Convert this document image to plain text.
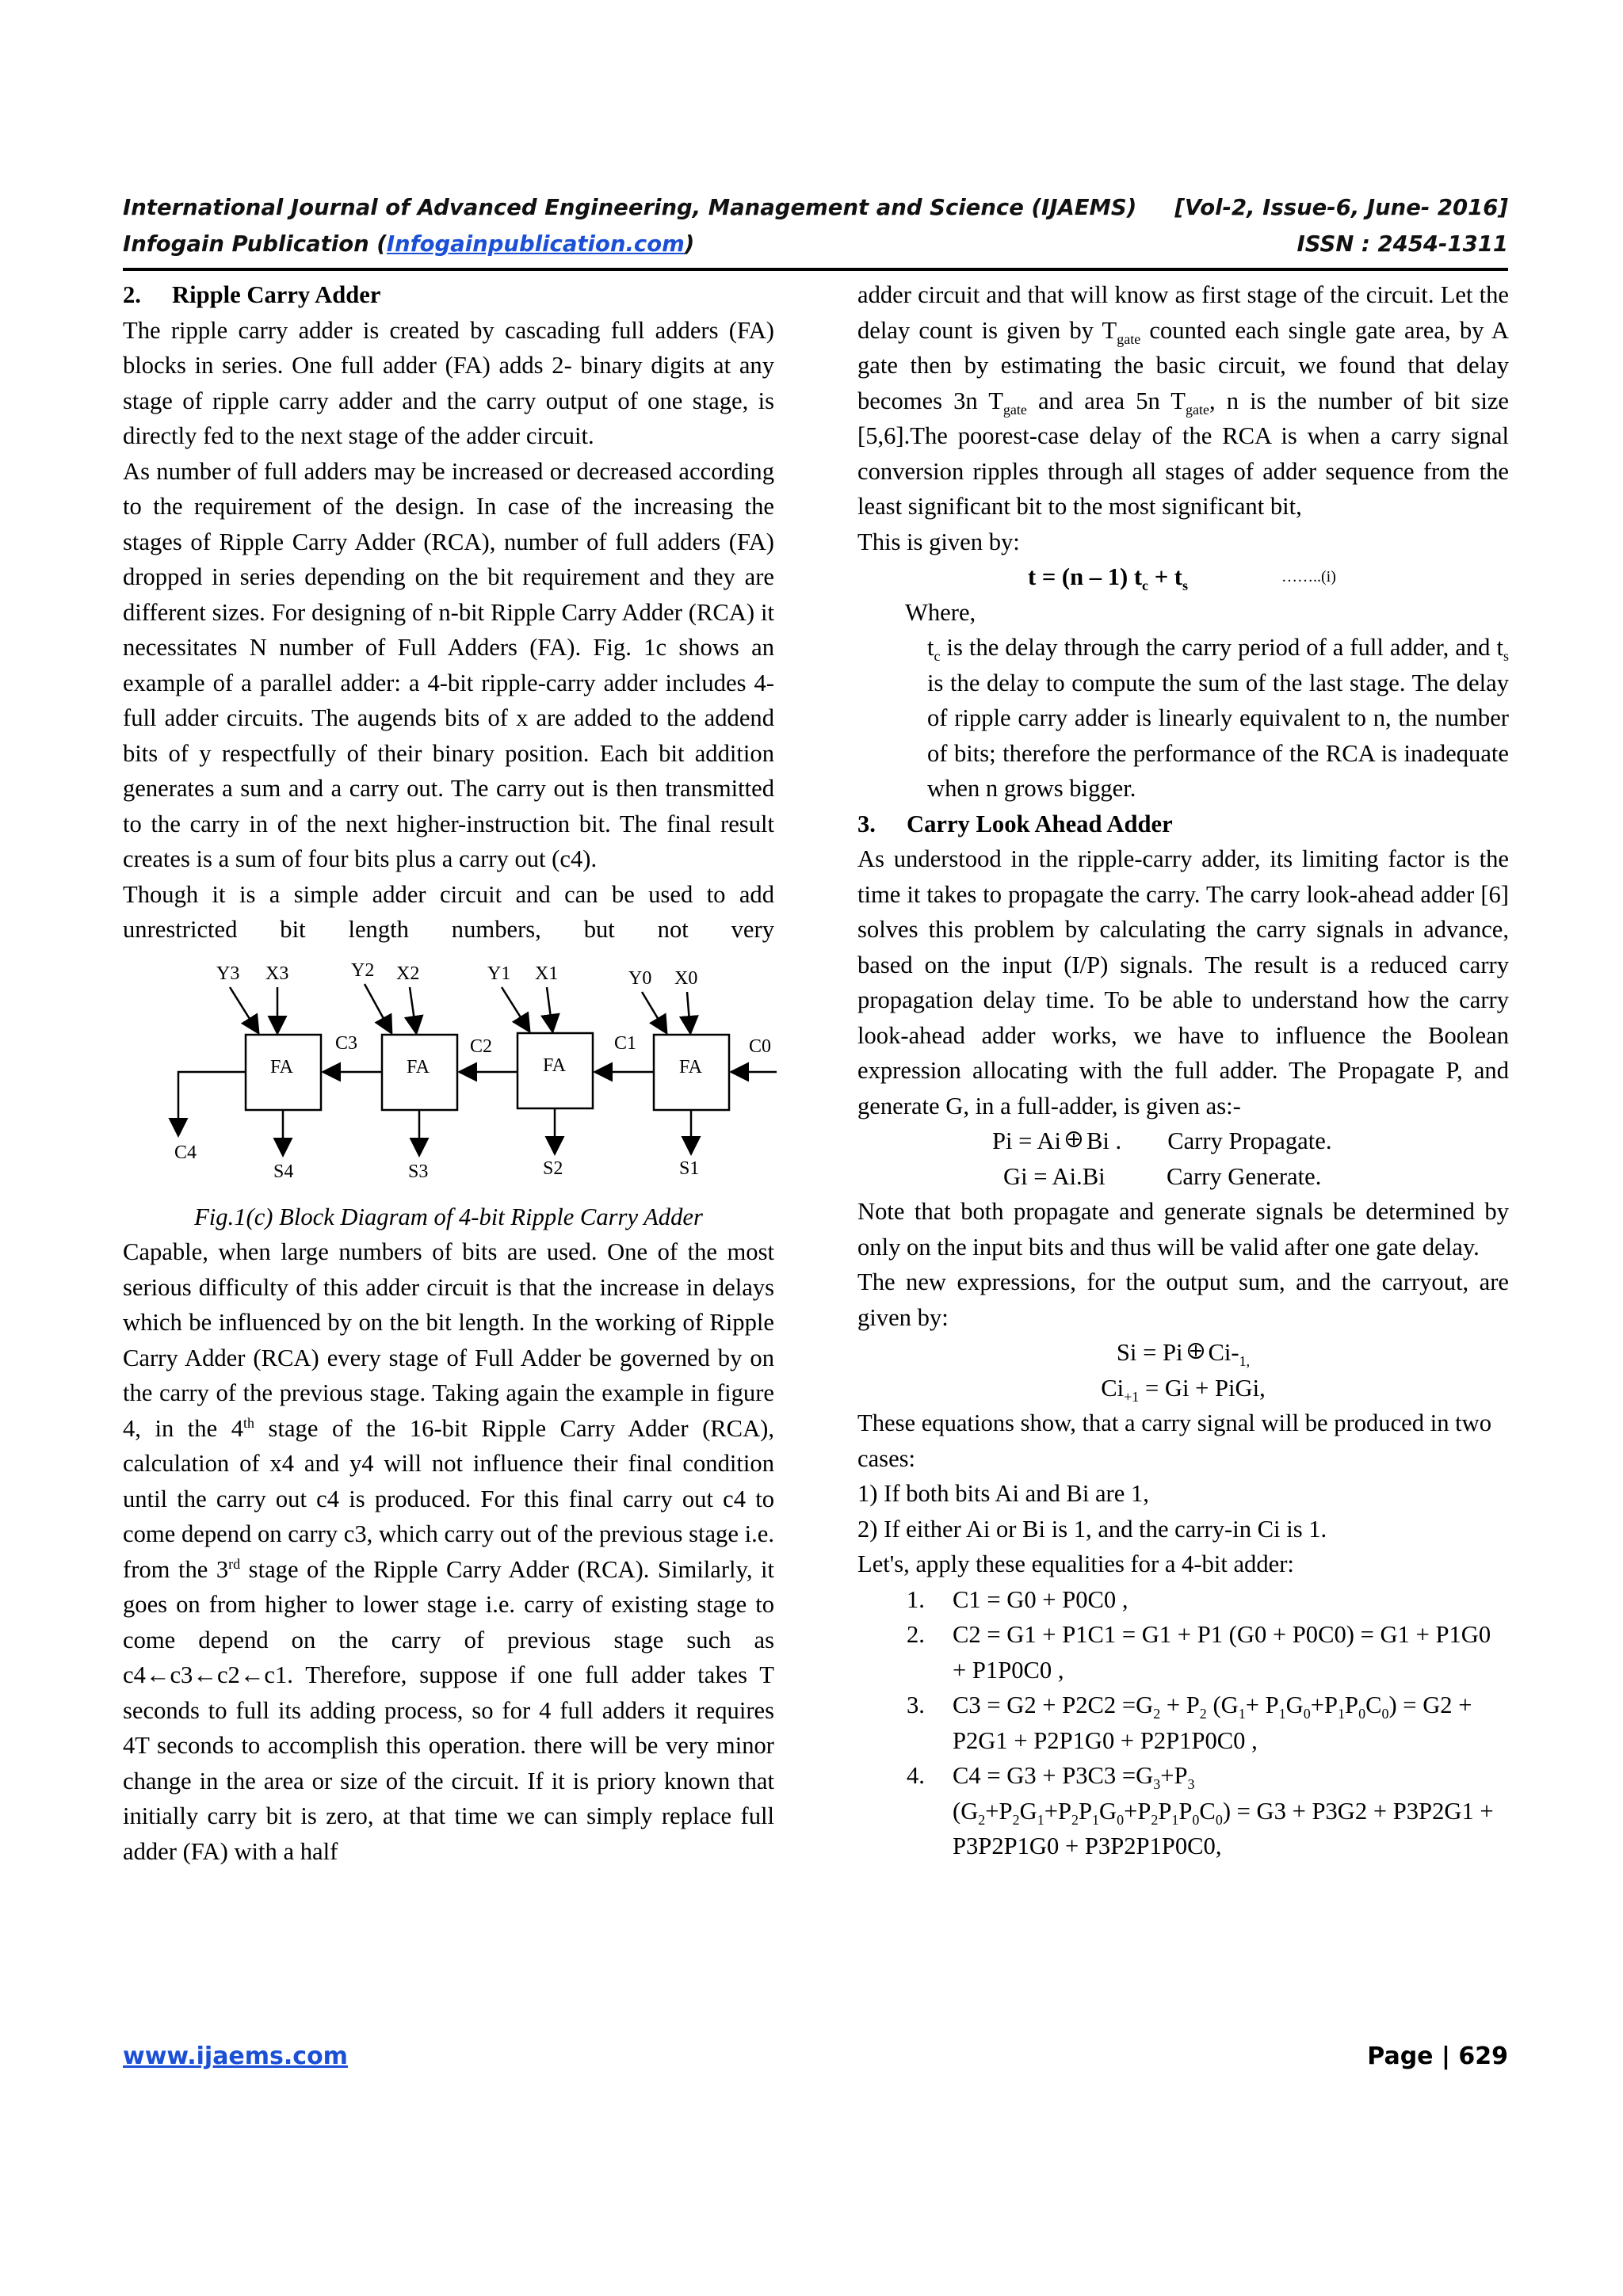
International Journal of Advanced Engineering, Management and Science (IJAEMS) [Vol-2, Issue-6, June- 2016]
Infogain Publication (Infogainpublication.com)	ISSN : 2454-1311

2. Ripple Carry Adder

The ripple carry adder is created by cascading full adders (FA) blocks in series. One full adder (FA) adds 2- binary digits at any stage of ripple carry adder and the carry output of one stage, is directly fed to the next stage of the adder circuit.

As number of full adders may be increased or decreased according to the requirement of the design. In case of the increasing the stages of Ripple Carry Adder (RCA), number of full adders (FA) dropped in series depending on the bit requirement and they are different sizes. For designing of n-bit Ripple Carry Adder (RCA) it necessitates N number of Full Adders (FA). Fig. 1c shows an example of a parallel adder: a 4-bit ripple-carry adder includes 4-full adder circuits. The augends bits of x are added to the addend bits of y respectfully of their binary position. Each bit addition generates a sum and a carry out. The carry out is then transmitted to the carry in of the next higher-instruction bit. The final result creates is a sum of four bits plus a carry out (c4).

Though it is a simple adder circuit and can be used to add unrestricted bit length numbers, but not very

Y3 X3	Y2 X2	Y1 X1	Y0 X0
C3	C2	C1	C0
FA	FA	FA	FA
C4
S4	S3	S2	S1

Fig.1(c) Block Diagram of 4-bit Ripple Carry Adder

Capable, when large numbers of bits are used. One of the most serious difficulty of this adder circuit is that the increase in delays which be influenced by on the bit length. In the working of Ripple Carry Adder (RCA) every stage of Full Adder be governed by on the carry of the previous stage. Taking again the example in figure 4, in the 4th stage of the 16-bit Ripple Carry Adder (RCA), calculation of x4 and y4 will not influence their final condition until the carry out c4 is produced. For this final carry out c4 to come depend on carry c3, which carry out of the previous stage i.e. from the 3rd stage of the Ripple Carry Adder (RCA). Similarly, it goes on from higher to lower stage i.e. carry of existing stage to come depend on the carry of previous stage such as c4←c3←c2←c1. Therefore, suppose if one full adder takes T seconds to full its adding process, so for 4 full adders it requires 4T seconds to accomplish this operation. there will be very minor change in the area or size of the circuit. If it is priory known that initially carry bit is zero, at that time we can simply replace full adder (FA) with a half

adder circuit and that will know as first stage of the circuit. Let the delay count is given by $T_{gate}$ counted each single gate area, by A gate then by estimating the basic circuit, we found that delay becomes 3n $T_{gate}$ and area 5n $T_{gate}$, n is the number of bit size [5,6].The poorest-case delay of the RCA is when a carry signal conversion ripples through all stages of adder sequence from the least significant bit to the most significant bit,

This is given by:

t = (n – 1) $t_c + t_s$
……..(i)

Where,

$t_c$ is the delay through the carry period of a full adder, and $t_s$ is the delay to compute the sum of the last stage. The delay of ripple carry adder is linearly equivalent to n, the number of bits; therefore the performance of the RCA is inadequate when n grows bigger.

3. Carry Look Ahead Adder

As understood in the ripple-carry adder, its limiting factor is the time it takes to propagate the carry. The carry look-ahead adder [6] solves this problem by calculating the carry signals in advance, based on the input (I/P) signals. The result is a reduced carry propagation delay time. To be able to understand how the carry look-ahead adder works, we have to influence the Boolean expression allocating with the full adder. The Propagate P, and generate G, in a full-adder, is given as:-

Pi = Ai Bi . Carry Propagate.

Gi = Ai.Bi	Carry Generate.

Note that both propagate and generate signals be determined by only on the input bits and thus will be valid after one gate delay.

The new expressions, for the output sum, and the carryout, are given by:

Si = Pi $Ci-_{1,}$

$Ci_{+1} = Gi$ + PiGi,

These equations show, that a carry signal will be produced in two cases:

1) If both bits Ai and Bi are 1,

2) If either Ai or Bi is 1, and the carry-in Ci is 1.

Let's, apply these equalities for a 4-bit adder:

1. C1 = G0 + P0C0 ,
2. C2 = G1 + P1C1 = G1 + P1 (G0 + P0C0) = G1 + P1G0 + P1P0C0 ,
3. $C3 = G2 + P2C2 =G_2 + P_2$ $(G_1+ P_1G_0+P_1P_0C_0) = G2 + P2G1 + P2P1G0 + P2P1P0C0$ ,
4. $C4 = G3 + P3C3 =G_3+P_3$
$(G_2+P_2G_1+P_2P_1G_0+P_2P_1P_0C_0) = G3 + P3G2 + P3P2G1 + P3P2P1G0 + P3P2P1P0C0$,
www.ijaems.com	Page | 629
